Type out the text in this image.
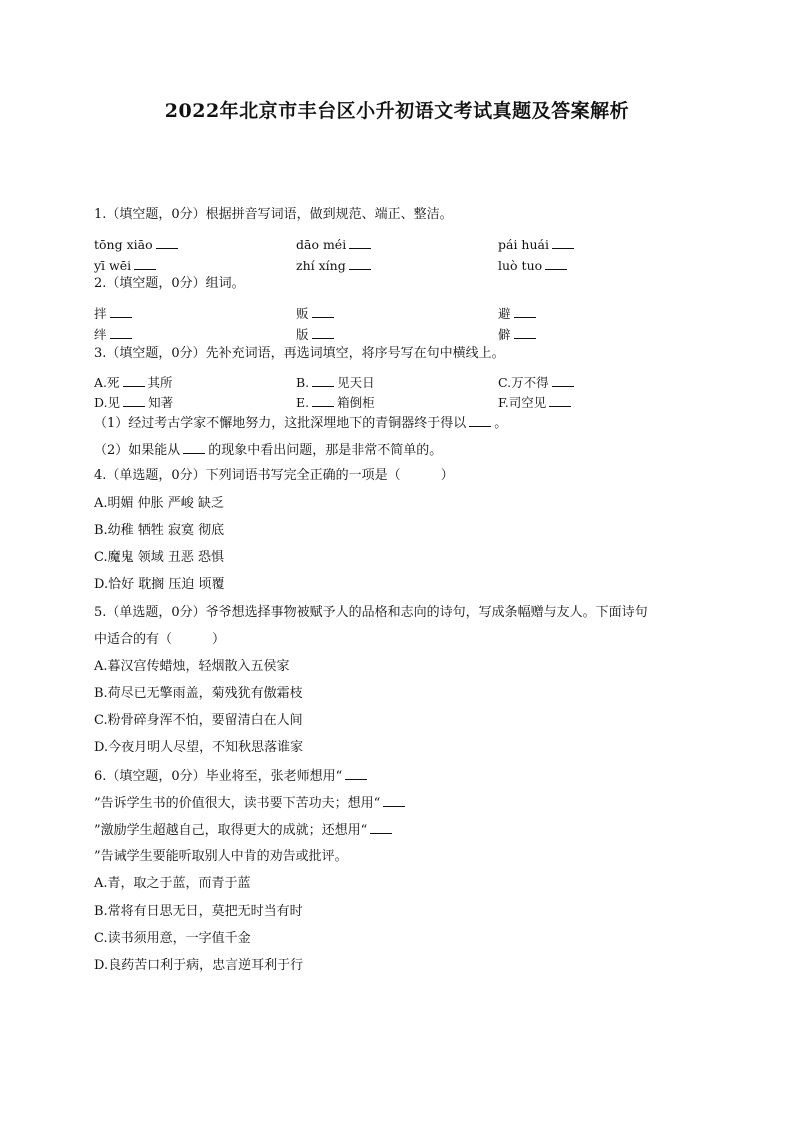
2022年北京市丰台区小升初语文考试真题及答案解析
1.（填空题，0分）根据拼音写词语，做到规范、端正、整洁。
tōng xiāo	dāo méi	pái huái
yī wēi	zhí xíng	luò tuo
2.（填空题，0分）组词。
拌	贩	避
绊	版	僻
3.（填空题，0分）先补充词语，再选词填空，将序号写在句中横线上。
A.死 其所	B. 见天日	C.万不得
D.见 知著	E. 箱倒柜	F.司空见
（1）经过考古学家不懈地努力，这批深埋地下的青铜器终于得以 。
（2）如果能从 的现象中看出问题，那是非常不简单的。
4.（单选题，0分）下列词语书写完全正确的一项是（	）
A.明媚 仲胀 严峻 缺乏
B.幼稚 牺牲 寂寞 彻底
C.魔鬼 领域 丑恶 恐惧
D.恰好 耽搁 压迫 顷覆
5.（单选题，0分）爷爷想选择事物被赋予人的品格和志向的诗句，写成条幅赠与友人。下面诗句
中适合的有（	）
A.暮汉宫传蜡烛，轻烟散入五侯家
B.荷尽已无擎雨盖，菊残犹有傲霜枝
C.粉骨碎身浑不怕，要留清白在人间
D.今夜月明人尽望，不知秋思落谁家
6.（填空题，0分）毕业将至，张老师想用“
”告诉学生书的价值很大，读书要下苦功夫；想用“
”激励学生超越自己，取得更大的成就；还想用“
”告诫学生要能听取别人中肯的劝告或批评。
A.青，取之于蓝，而青于蓝
B.常将有日思无日，莫把无时当有时
C.读书须用意，一字值千金
D.良药苦口利于病，忠言逆耳利于行
